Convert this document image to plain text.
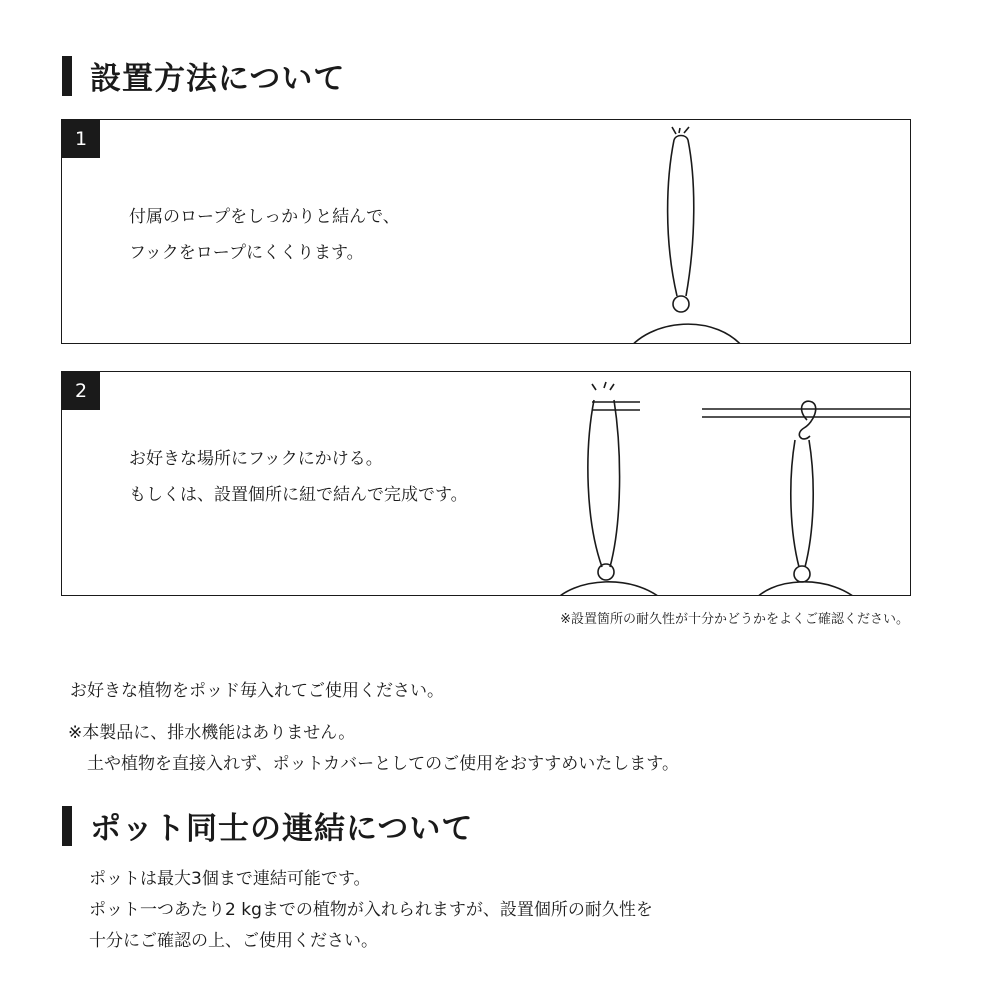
設置方法について
1
付属のロープをしっかりと結んで、
フックをロープにくくります。
2
お好きな場所にフックにかける。
もしくは、設置個所に紐で結んで完成です。
※設置箇所の耐久性が十分かどうかをよくご確認ください。
お好きな植物をポッド毎入れてご使用ください。
※本製品に、排水機能はありません。
土や植物を直接入れず、ポットカバーとしてのご使用をおすすめいたします。
ポット同士の連結について
ポットは最大3個まで連結可能です。
ポット一つあたり2 kgまでの植物が入れられますが、設置個所の耐久性を
十分にご確認の上、ご使用ください。
